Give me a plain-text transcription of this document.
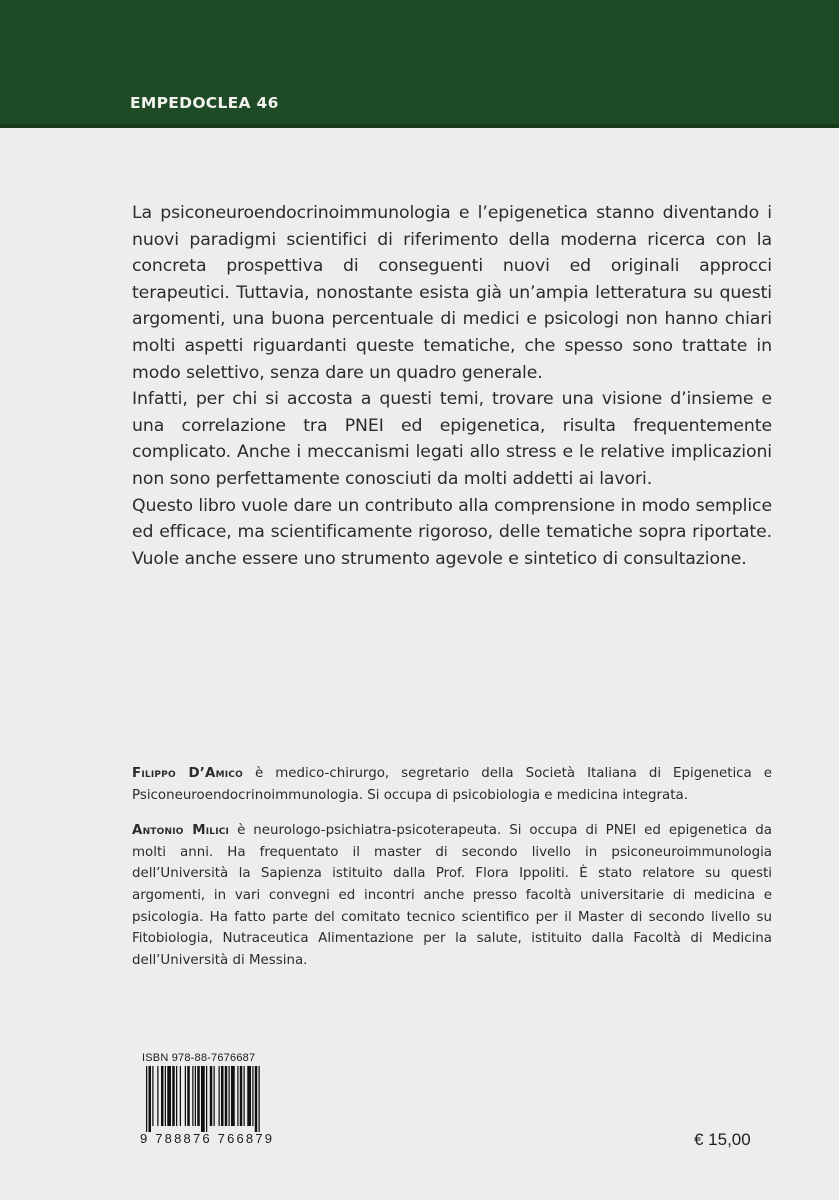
EMPEDOCLEA 46

La psiconeuroendocrinoimmunologia e l’epigenetica stanno diventando i nuovi paradigmi scientifici di riferimento della moderna ricerca con la concreta prospettiva di conseguenti nuovi ed originali approcci terapeutici. Tuttavia, nonostante esista già un’ampia letteratura su questi argomenti, una buona percentuale di medici e psicologi non hanno chiari molti aspetti riguardanti queste tematiche, che spesso sono trattate in modo selettivo, senza dare un quadro generale.

Infatti, per chi si accosta a questi temi, trovare una visione d’insieme e una correlazione tra PNEI ed epigenetica, risulta frequentemente complicato. Anche i meccanismi legati allo stress e le relative implicazioni non sono perfettamente conosciuti da molti addetti ai lavori.

Questo libro vuole dare un contributo alla comprensione in modo semplice ed efficace, ma scientificamente rigoroso, delle tematiche sopra riportate. Vuole anche essere uno strumento agevole e sintetico di consultazione.

Filippo D’Amico è medico-chirurgo, segretario della Società Italiana di Epigenetica e Psiconeuroendocrinoimmunologia. Si occupa di psicobiologia e medicina integrata.

Antonio Milici è neurologo-psichiatra-psicoterapeuta. Si occupa di PNEI ed epigenetica da molti anni. Ha frequentato il master di secondo livello in psiconeuroimmunologia dell’Università la Sapienza istituito dalla Prof. Flora Ippoliti. È stato relatore su questi argomenti, in vari convegni ed incontri anche presso facoltà universitarie di medicina e psicologia. Ha fatto parte del comitato tecnico scientifico per il Master di secondo livello su Fitobiologia, Nutraceutica Alimentazione per la salute, istituito dalla Facoltà di Medicina dell’Università di Messina.

ISBN 978-88-7676687
9 788876 766879	€ 15,00
